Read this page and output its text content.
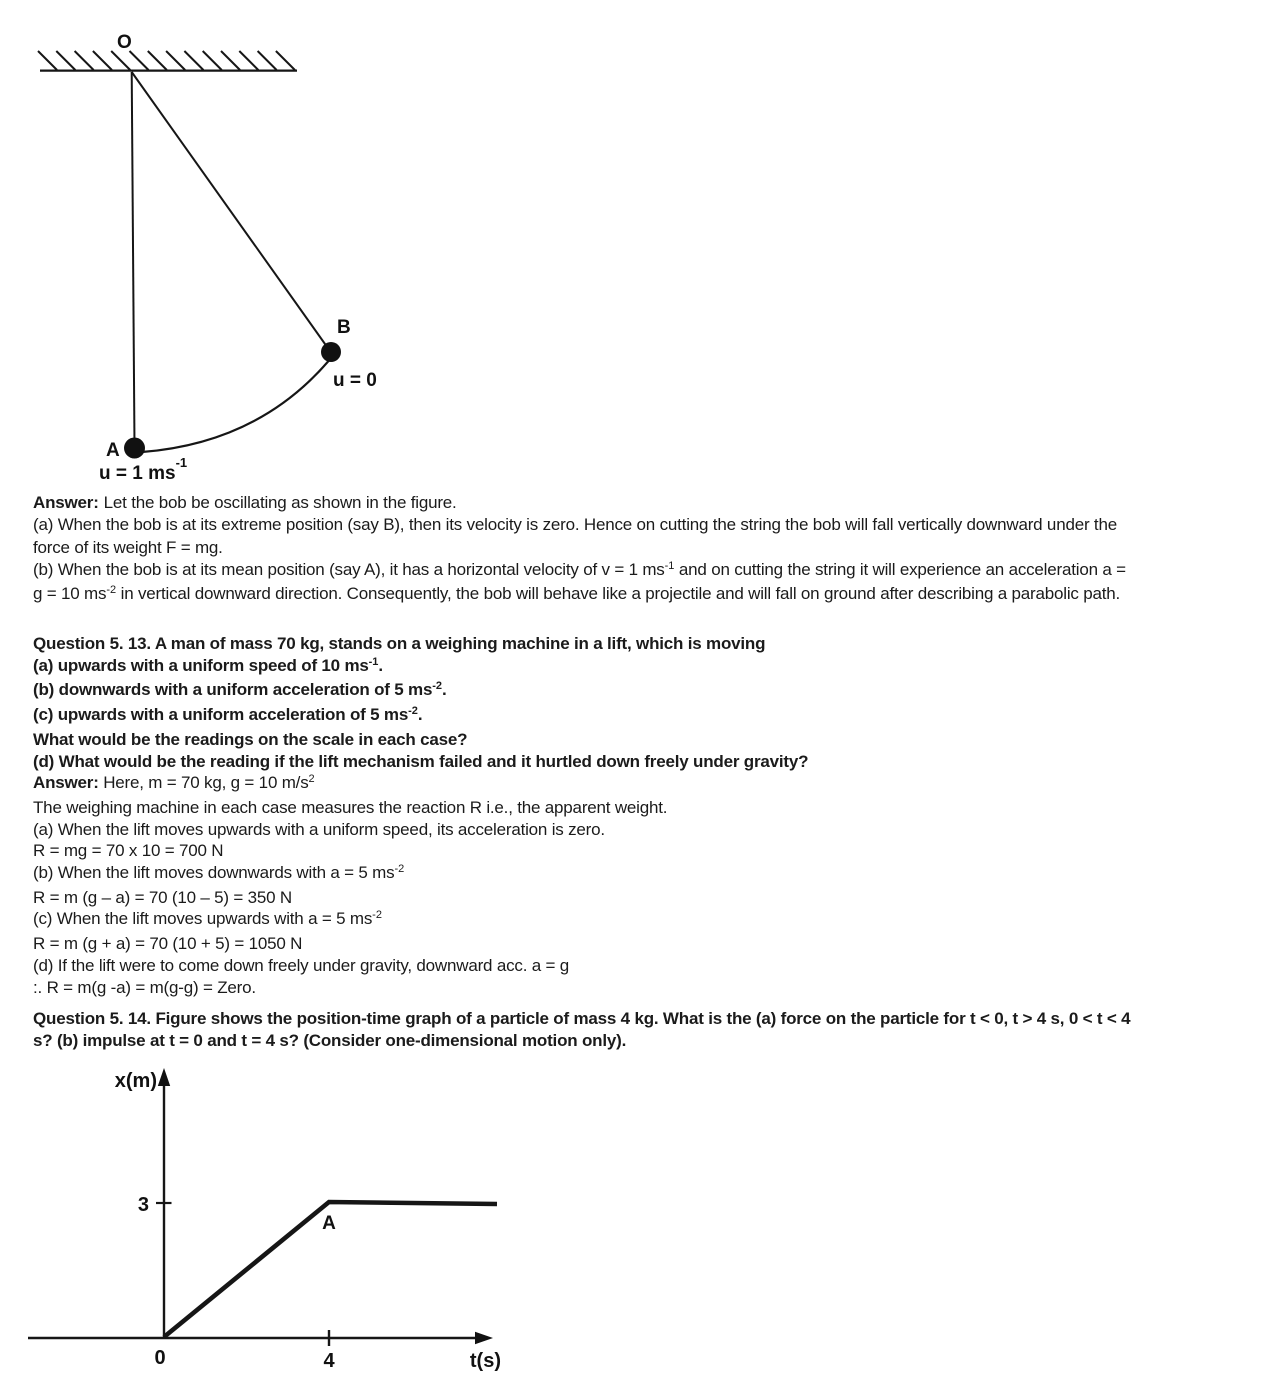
O
B
u = 0
A
u = 1 $ms^{-1}$
Answer: Let the bob be oscillating as shown in the figure.
(a) When the bob is at its extreme position (say B), then its velocity is zero. Hence on cutting the string the bob will fall vertically downward under the
force of its weight F = mg.
(b) When the bob is at its mean position (say A), it has a horizontal velocity of v = 1 $ms^{-1}$ and on cutting the string it will experience an acceleration a =
g = 10 $ms^{-2}$ in vertical downward direction. Consequently, the bob will behave like a projectile and will fall on ground after describing a parabolic path.
Question 5. 13. A man of mass 70 kg, stands on a weighing machine in a lift, which is moving
(a) upwards with a uniform speed of 10 $ms^{-1}$.
(b) downwards with a uniform acceleration of 5 $ms^{-2}$.
(c) upwards with a uniform acceleration of 5 $ms^{-2}$.
What would be the readings on the scale in each case?
(d) What would be the reading if the lift mechanism failed and it hurtled down freely under gravity?
Answer: Here, m = 70 kg, g = 10 $m/s^2$
The weighing machine in each case measures the reaction R i.e., the apparent weight.
(a) When the lift moves upwards with a uniform speed, its acceleration is zero.
R = mg = 70 x 10 = 700 N
(b) When the lift moves downwards with a = 5 $ms^{-2}$
R = m (g – a) = 70 (10 – 5) = 350 N
(c) When the lift moves upwards with a = 5 $ms^{-2}$
R = m (g + a) = 70 (10 + 5) = 1050 N
(d) If the lift were to come down freely under gravity, downward acc. a = g
:. R = m(g -a) = m(g-g) = Zero.
Question 5. 14. Figure shows the position-time graph of a particle of mass 4 kg. What is the (a) force on the particle for t < 0, t > 4 s, 0 < t < 4
s? (b) impulse at t = 0 and t = 4 s? (Consider one-dimensional motion only).
x(m)
3
0	4	t(s)
A
